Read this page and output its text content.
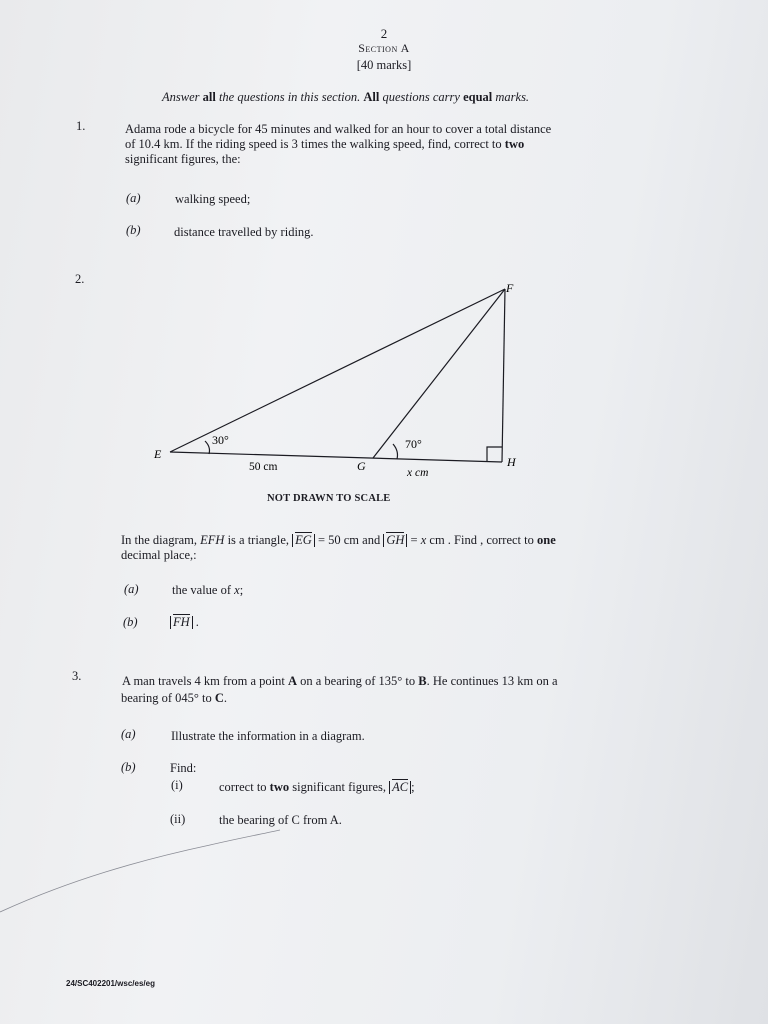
2
Section A
[40 marks]
Answer all the questions in this section. All questions carry equal marks.
1.	Adama rode a bicycle for 45 minutes and walked for an hour to cover a total distance
of 10.4 km. If the riding speed is 3 times the walking speed, find, correct to two
significant figures, the:
(a)	walking speed;
(b)	distance travelled by riding.
2.
E
F
G	H
30°	70°
50 cm	x cm
NOT DRAWN TO SCALE
In the diagram, EFH is a triangle, EG = 50 cm and GH = x cm . Find , correct to one
decimal place,:
(a)	the value of x;
(b)	FH .
3.	A man travels 4 km from a point A on a bearing of 135° to B. He continues 13 km on a
bearing of 045° to C.
(a)	Illustrate the information in a diagram.
(b)	Find:
(i)	correct to two significant figures, AC ;
(ii)	the bearing of C from A.
24/SC402201/wsc/es/eg
